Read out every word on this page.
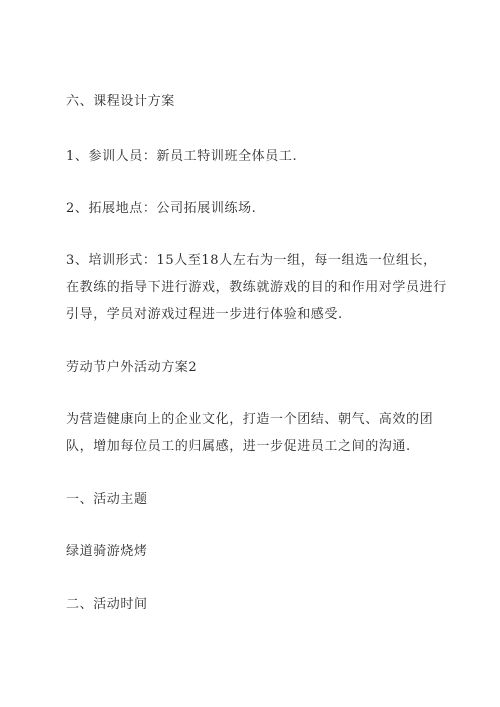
六、课程设计方案
1、参训人员：新员工特训班全体员工.
2、拓展地点：公司拓展训练场.
3、培训形式：15人至18人左右为一组，每一组选一位组长，
在教练的指导下进行游戏，教练就游戏的目的和作用对学员进行
引导，学员对游戏过程进一步进行体验和感受.
劳动节户外活动方案2
为营造健康向上的企业文化，打造一个团结、朝气、高效的团
队，增加每位员工的归属感，进一步促进员工之间的沟通.
一、活动主题
绿道骑游烧烤
二、活动时间
